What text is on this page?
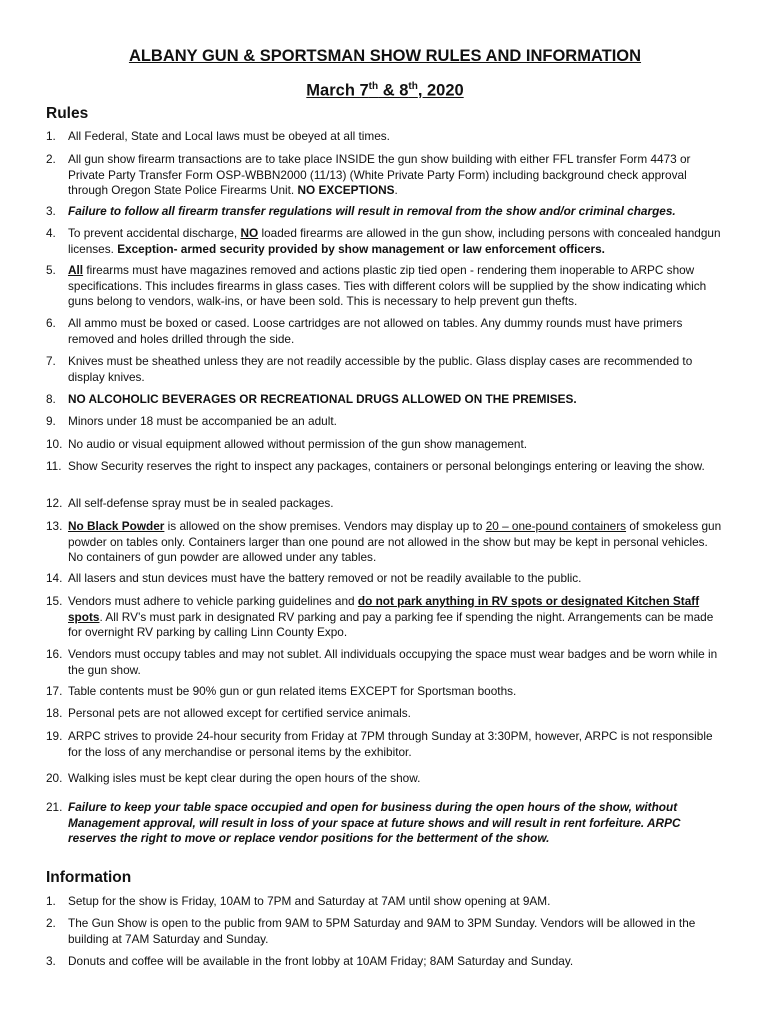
ALBANY GUN & SPORTSMAN SHOW RULES AND INFORMATION
March 7th & 8th, 2020
Rules
1.	All Federal, State and Local laws must be obeyed at all times.
2.	All gun show firearm transactions are to take place INSIDE the gun show building with either FFL transfer Form 4473 or Private Party Transfer Form OSP-WBBN2000 (11/13) (White Private Party Form) including background check approval through Oregon State Police Firearms Unit. NO EXCEPTIONS.
3.	Failure to follow all firearm transfer regulations will result in removal from the show and/or criminal charges.
4.	To prevent accidental discharge, NO loaded firearms are allowed in the gun show, including persons with concealed handgun licenses. Exception- armed security provided by show management or law enforcement officers.
5.	All firearms must have magazines removed and actions plastic zip tied open - rendering them inoperable to ARPC show specifications. This includes firearms in glass cases. Ties with different colors will be supplied by the show indicating which guns belong to vendors, walk-ins, or have been sold. This is necessary to help prevent gun thefts.
6.	All ammo must be boxed or cased. Loose cartridges are not allowed on tables. Any dummy rounds must have primers removed and holes drilled through the side.
7.	Knives must be sheathed unless they are not readily accessible by the public. Glass display cases are recommended to display knives.
8.	NO ALCOHOLIC BEVERAGES OR RECREATIONAL DRUGS ALLOWED ON THE PREMISES.
9.	Minors under 18 must be accompanied be an adult.
10. No audio or visual equipment allowed without permission of the gun show management.
11. Show Security reserves the right to inspect any packages, containers or personal belongings entering or leaving the show.
12. All self-defense spray must be in sealed packages.
13. No Black Powder is allowed on the show premises. Vendors may display up to 20 – one-pound containers of smokeless gun powder on tables only. Containers larger than one pound are not allowed in the show but may be kept in personal vehicles. No containers of gun powder are allowed under any tables.
14. All lasers and stun devices must have the battery removed or not be readily available to the public.
15. Vendors must adhere to vehicle parking guidelines and do not park anything in RV spots or designated Kitchen Staff spots. All RV’s must park in designated RV parking and pay a parking fee if spending the night. Arrangements can be made for overnight RV parking by calling Linn County Expo.
16. Vendors must occupy tables and may not sublet. All individuals occupying the space must wear badges and be worn while in the gun show.
17. Table contents must be 90% gun or gun related items EXCEPT for Sportsman booths.
18. Personal pets are not allowed except for certified service animals.
19. ARPC strives to provide 24-hour security from Friday at 7PM through Sunday at 3:30PM, however, ARPC is not responsible for the loss of any merchandise or personal items by the exhibitor.
20. Walking isles must be kept clear during the open hours of the show.
21. Failure to keep your table space occupied and open for business during the open hours of the show, without Management approval, will result in loss of your space at future shows and will result in rent forfeiture. ARPC reserves the right to move or replace vendor positions for the betterment of the show.
Information
1.	Setup for the show is Friday, 10AM to 7PM and Saturday at 7AM until show opening at 9AM.
2.	The Gun Show is open to the public from 9AM to 5PM Saturday and 9AM to 3PM Sunday. Vendors will be allowed in the building at 7AM Saturday and Sunday.
3.	Donuts and coffee will be available in the front lobby at 10AM Friday; 8AM Saturday and Sunday.
